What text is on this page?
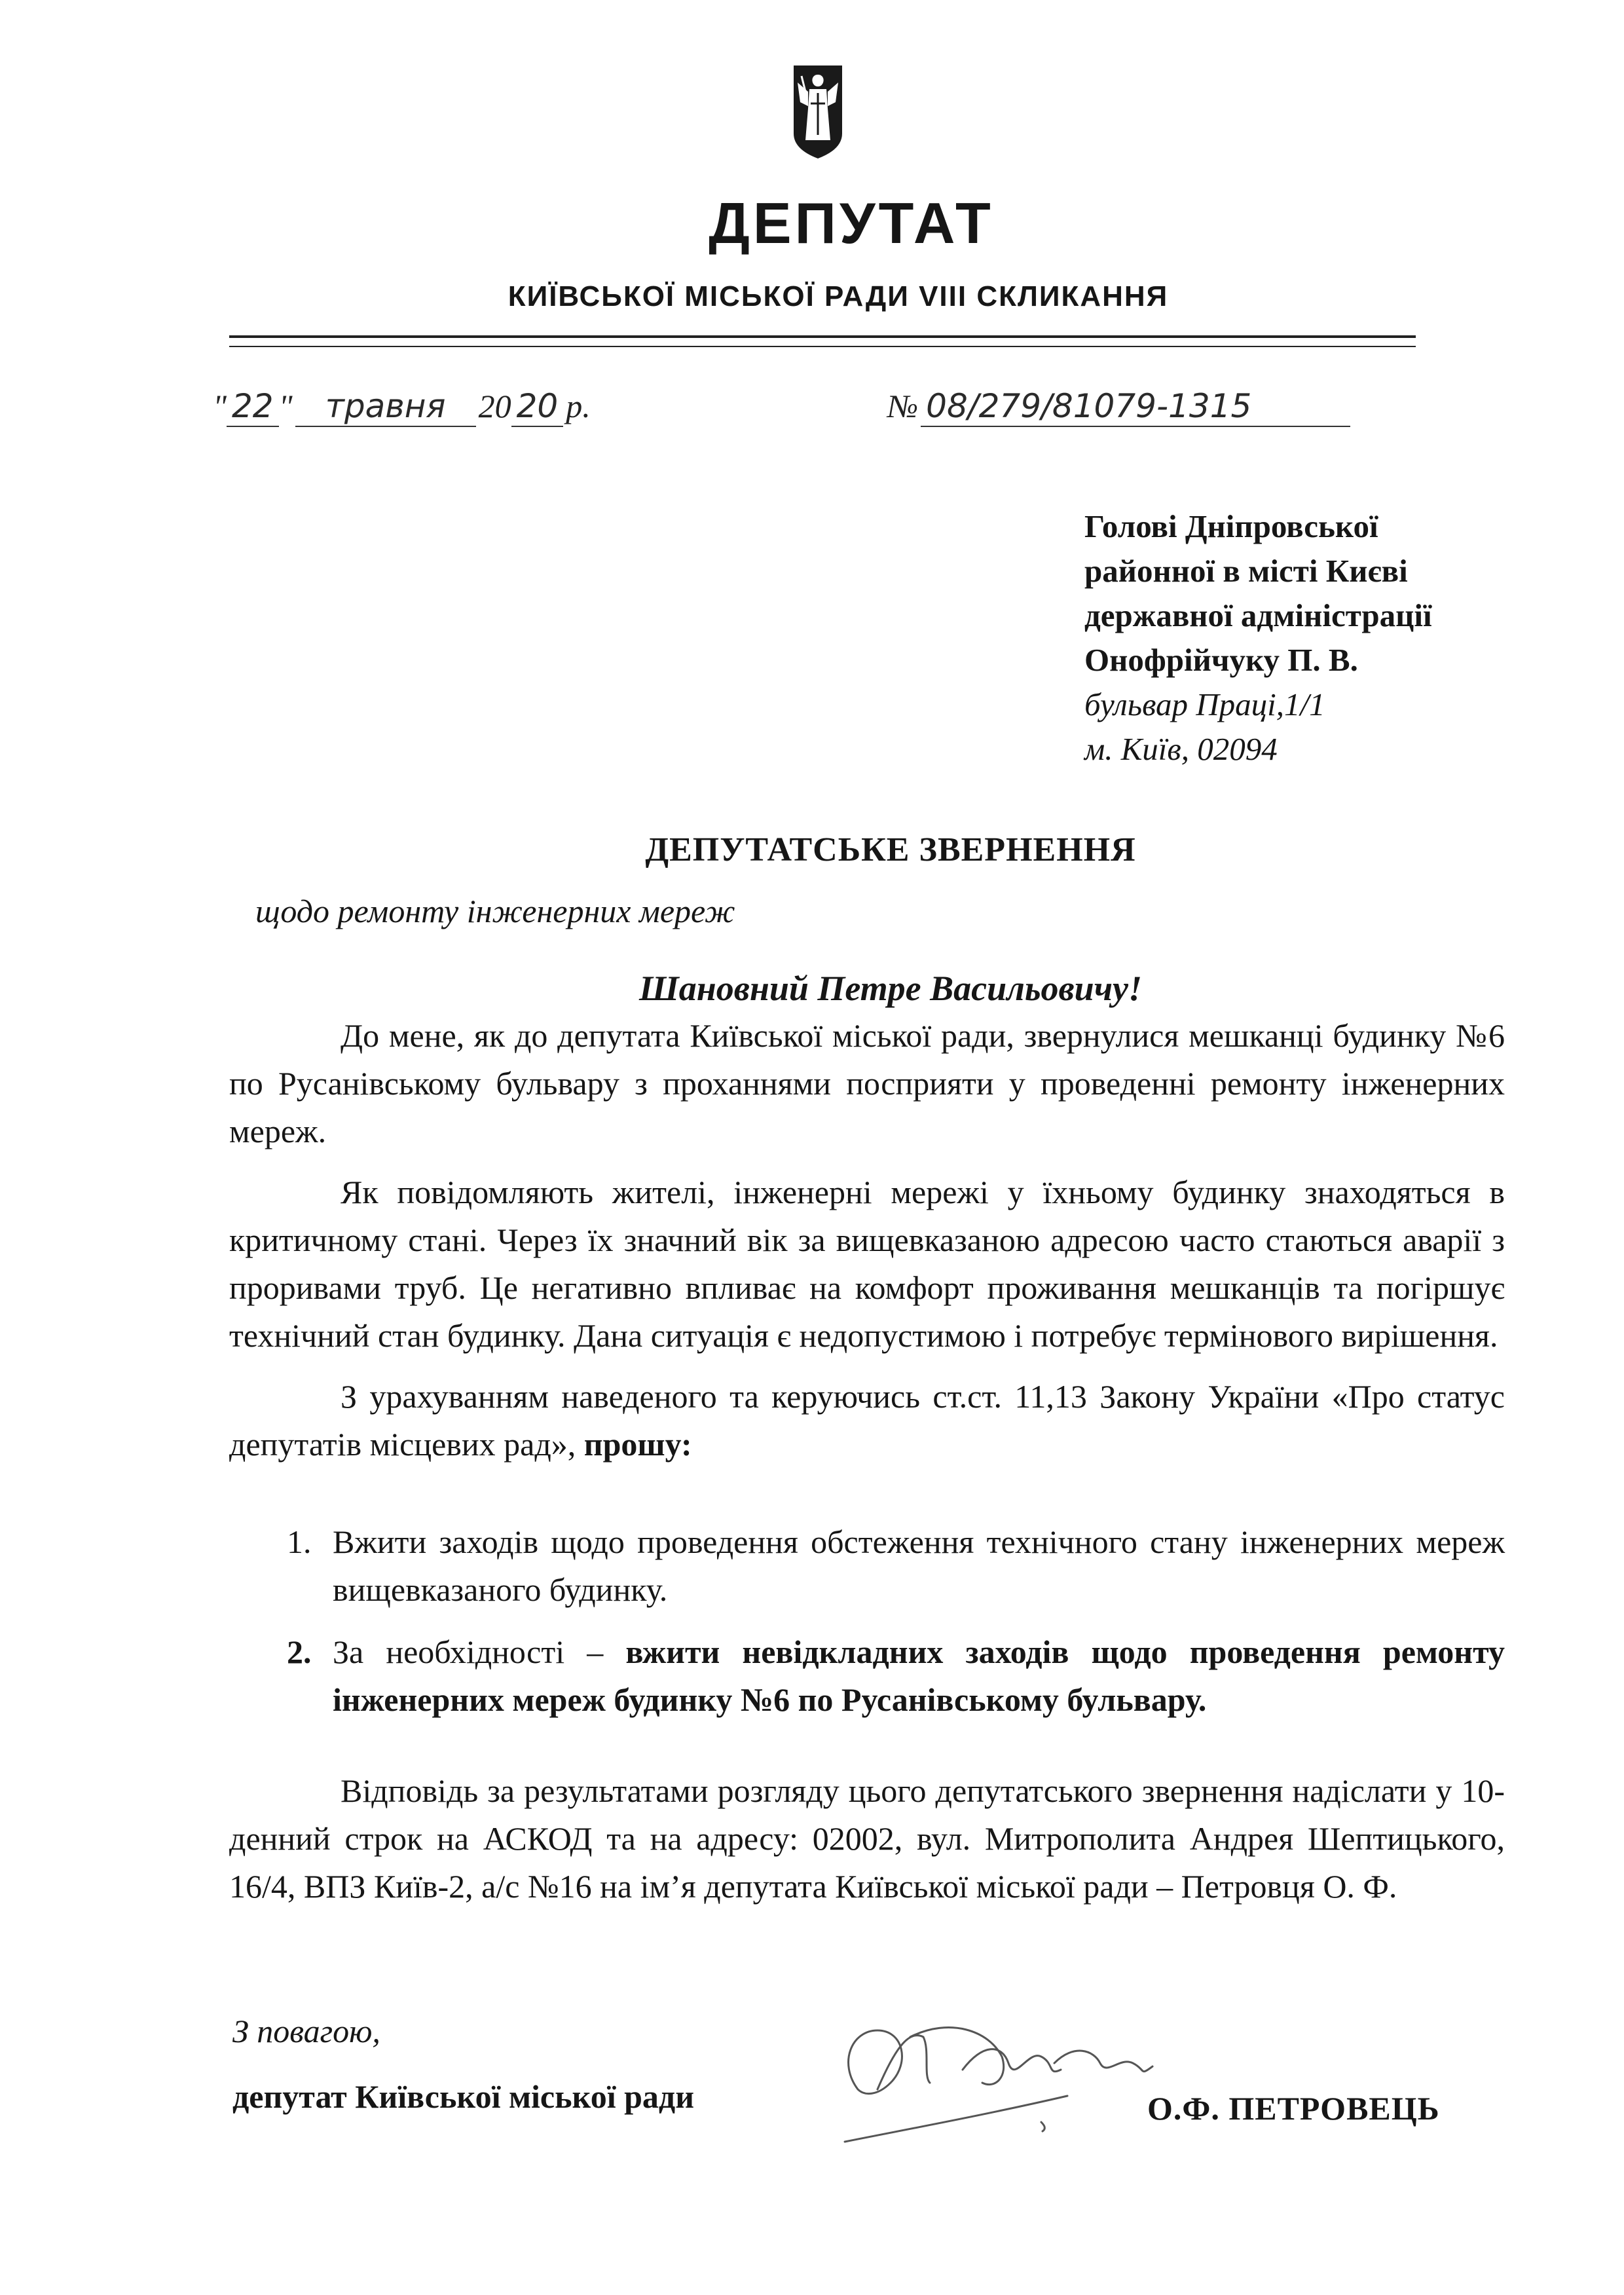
ДЕПУТАТ
КИЇВСЬКОЇ МІСЬКОЇ РАДИ VIII СКЛИКАННЯ
" 22 " травня 20 20 р.	№ 08/279/81079-1315
Голові Дніпровської
районної в місті Києві
державної адміністрації
Онофрійчуку П. В.
бульвар Праці,1/1
м. Київ, 02094
ДЕПУТАТСЬКЕ ЗВЕРНЕННЯ
щодо ремонту інженерних мереж
Шановний Петре Васильовичу!

До мене, як до депутата Київської міської ради, звернулися мешканці будинку №6 по Русанівському бульвару з проханнями посприяти у проведенні ремонту інженерних мереж.

Як повідомляють жителі, інженерні мережі у їхньому будинку знаходяться в критичному стані. Через їх значний вік за вищевказаною адресою часто стаються аварії з проривами труб. Це негативно впливає на комфорт проживання мешканців та погіршує технічний стан будинку. Дана ситуація є недопустимою і потребує термінового вирішення.

З урахуванням наведеного та керуючись ст.ст. 11,13 Закону України «Про статус депутатів місцевих рад», прошу:

1. Вжити заходів щодо проведення обстеження технічного стану інженерних мереж вищевказаного будинку.
2. За необхідності – вжити невідкладних заходів щодо проведення ремонту інженерних мереж будинку №6 по Русанівському бульвару.

Відповідь за результатами розгляду цього депутатського звернення надіслати у 10-денний строк на АСКОД та на адресу: 02002, вул. Митрополита Андрея Шептицького, 16/4, ВПЗ Київ-2, а/с №16 на ім’я депутата Київської міської ради – Петровця О. Ф.

З повагою,
депутат Київської міської ради	О.Ф. ПЕТРОВЕЦЬ
